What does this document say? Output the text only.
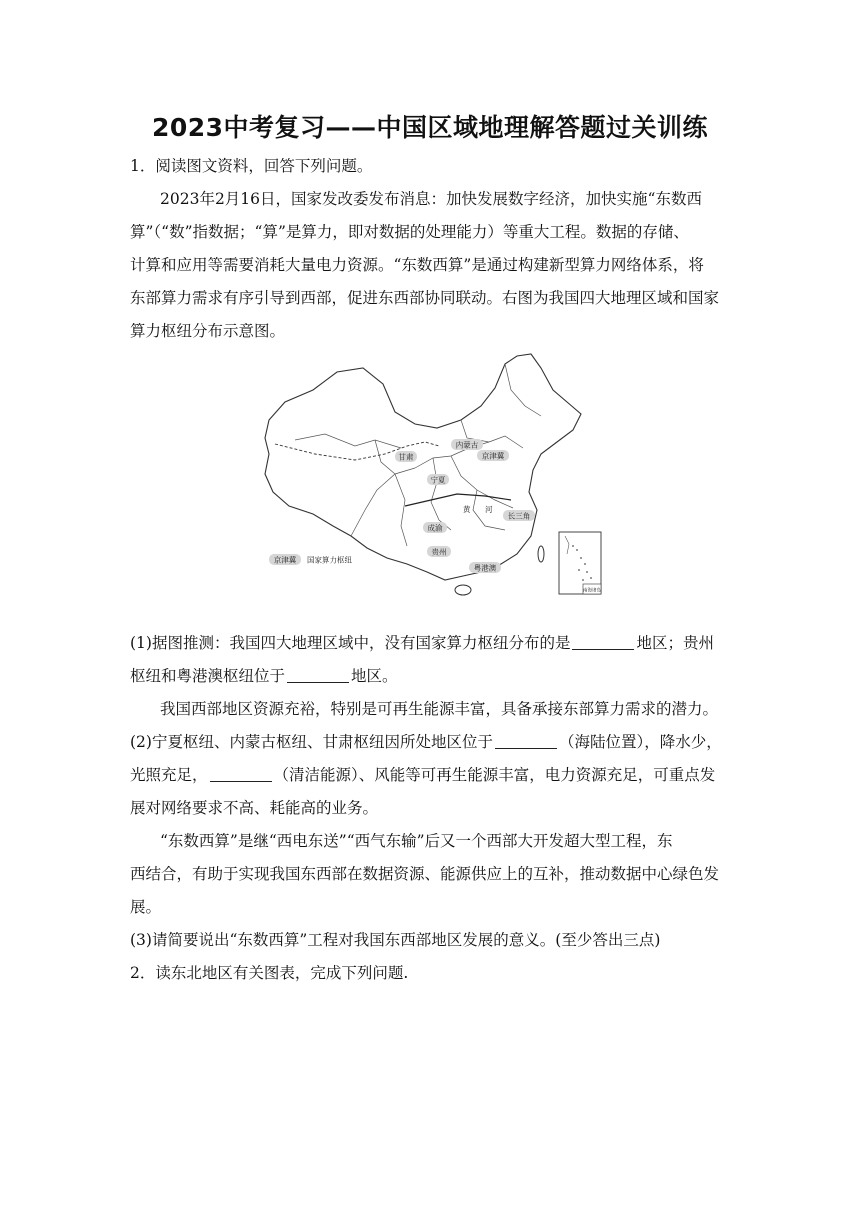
2023中考复习——中国区域地理解答题过关训练
1．阅读图文资料，回答下列问题。
2023年2月16日，国家发改委发布消息：加快发展数字经济，加快实施“东数西
算”（“数”指数据；“算”是算力，即对数据的处理能力）等重大工程。数据的存储、
计算和应用等需要消耗大量电力资源。“东数西算”是通过构建新型算力网络体系，将
东部算力需求有序引导到西部，促进东西部协同联动。右图为我国四大地理区域和国家
算力枢纽分布示意图。
内蒙古
甘肃	京津冀
宁夏
成渝
长三角
贵州
粤港澳
黄 河
京津冀 国家算力枢纽
南海诸岛
(1)据图推测：我国四大地理区域中，没有国家算力枢纽分布的是	地区；贵州
枢纽和粤港澳枢纽位于	地区。
我国西部地区资源充裕，特别是可再生能源丰富，具备承接东部算力需求的潜力。
(2)宁夏枢纽、内蒙古枢纽、甘肃枢纽因所处地区位于	（海陆位置），降水少，
光照充足，	（清洁能源）、风能等可再生能源丰富，电力资源充足，可重点发
展对网络要求不高、耗能高的业务。
“东数西算”是继“西电东送”“西气东输”后又一个西部大开发超大型工程，东
西结合，有助于实现我国东西部在数据资源、能源供应上的互补，推动数据中心绿色发
展。
(3)请简要说出“东数西算”工程对我国东西部地区发展的意义。(至少答出三点)
2．读东北地区有关图表，完成下列问题.
